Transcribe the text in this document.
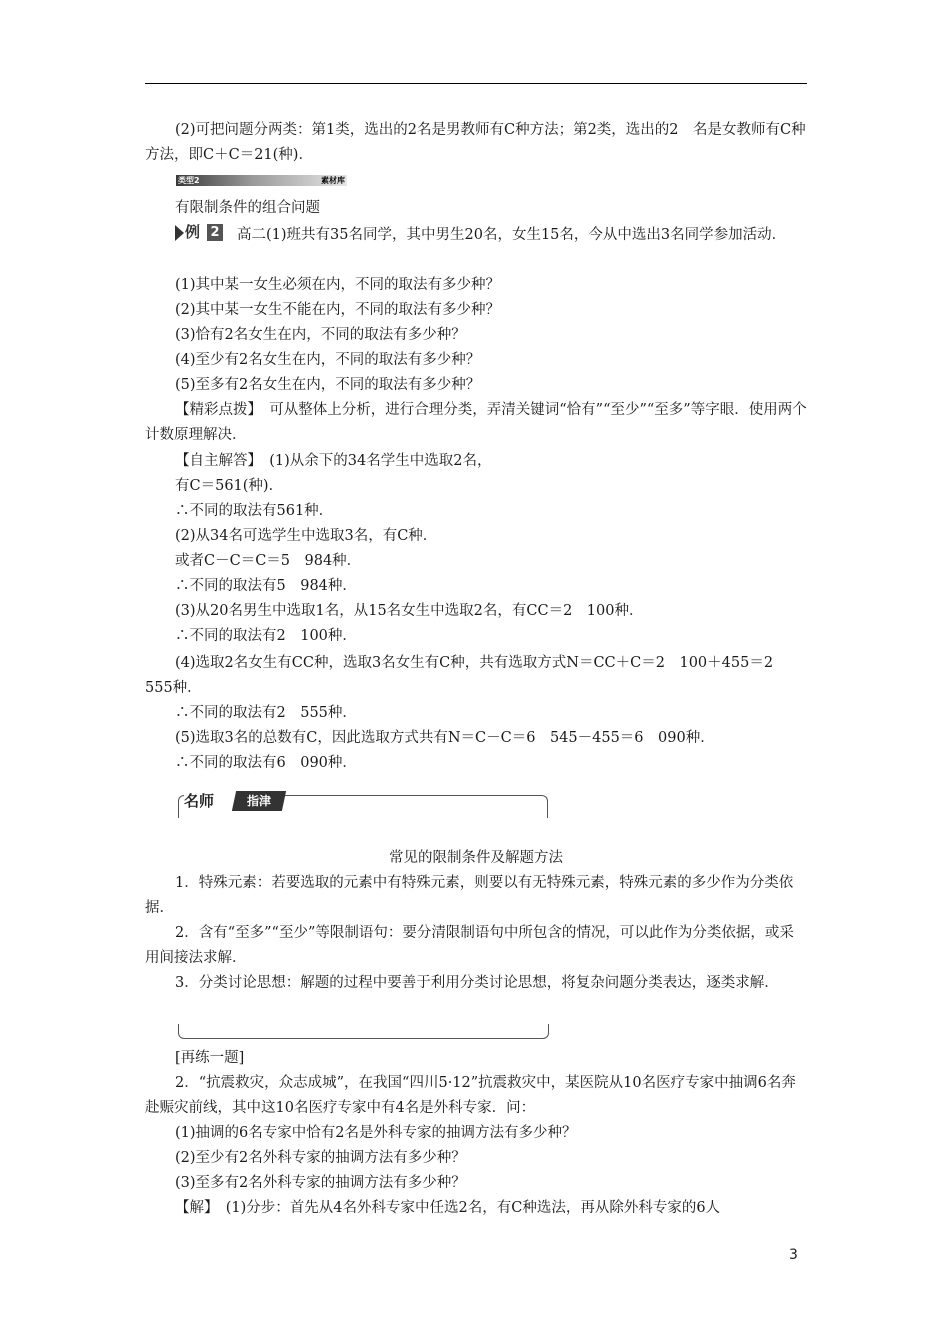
(2)可把问题分两类：第1类，选出的2名是男教师有C种方法；第2类，选出的2　名是女教师有C种方法，即C＋C＝21(种)．

类型2	素材库

有限制条件的组合问题

例 2 高二(1)班共有35名同学，其中男生20名，女生15名，今从中选出3名同学参加活动．

(1)其中某一女生必须在内，不同的取法有多少种？

(2)其中某一女生不能在内，不同的取法有多少种？

(3)恰有2名女生在内，不同的取法有多少种？

(4)至少有2名女生在内，不同的取法有多少种？

(5)至多有2名女生在内，不同的取法有多少种？

【精彩点拨】　可从整体上分析，进行合理分类，弄清关键词“恰有”“至少”“至多”等字眼．使用两个计数原理解决．

【自主解答】　(1)从余下的34名学生中选取2名，

有C＝561(种)．

∴不同的取法有561种．

(2)从34名可选学生中选取3名，有C种．

或者C－C＝C＝5　984种．

∴不同的取法有5　984种．

(3)从20名男生中选取1名，从15名女生中选取2名，有CC＝2　100种．

∴不同的取法有2　100种．

(4)选取2名女生有CC种，选取3名女生有C种，共有选取方式N＝CC＋C＝2　100＋455＝2　555种．

∴不同的取法有2　555种．

(5)选取3名的总数有C，因此选取方式共有N＝C－C＝6　545－455＝6　090种．

∴不同的取法有6　090种．

名师	指津

常见的限制条件及解题方法

1．特殊元素：若要选取的元素中有特殊元素，则要以有无特殊元素，特殊元素的多少作为分类依据．

2．含有“至多”“至少”等限制语句：要分清限制语句中所包含的情况，可以此作为分类依据，或采用间接法求解．

3．分类讨论思想：解题的过程中要善于利用分类讨论思想，将复杂问题分类表达，逐类求解．

[再练一题]

2．“抗震救灾，众志成城”，在我国“四川5·12”抗震救灾中，某医院从10名医疗专家中抽调6名奔赴赈灾前线，其中这10名医疗专家中有4名是外科专家．问：

(1)抽调的6名专家中恰有2名是外科专家的抽调方法有多少种？

(2)至少有2名外科专家的抽调方法有多少种？

(3)至多有2名外科专家的抽调方法有多少种？

【解】　(1)分步：首先从4名外科专家中任选2名，有C种选法，再从除外科专家的6人

3
